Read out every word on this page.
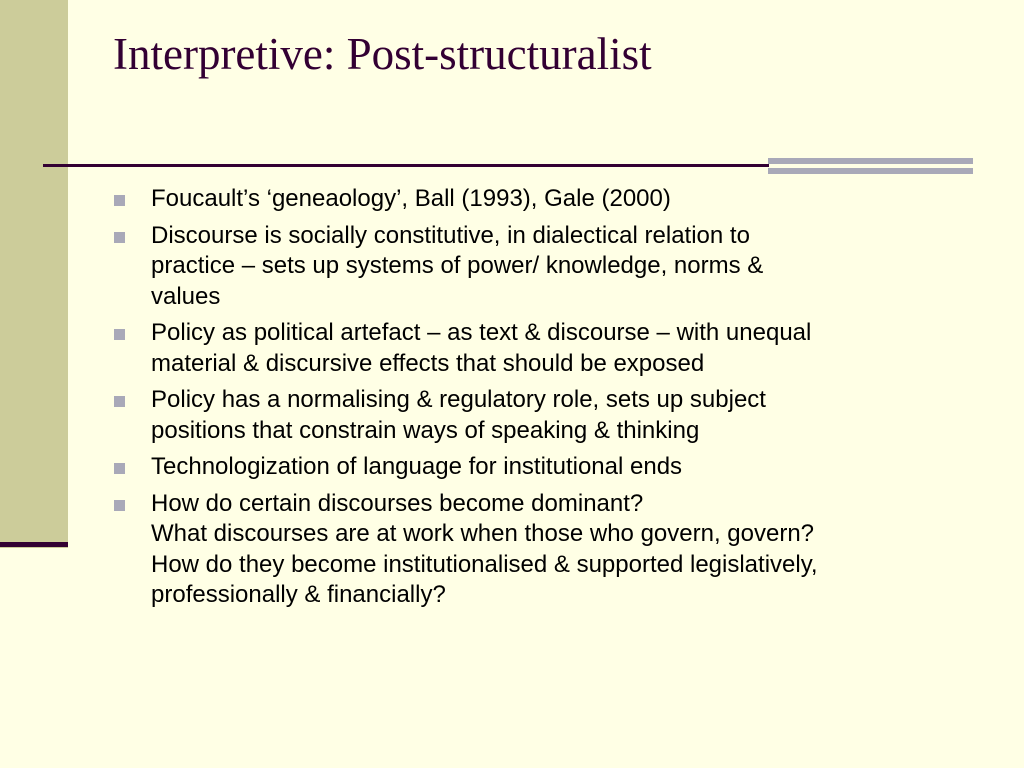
Interpretive: Post-structuralist
Foucault’s ‘geneaology’, Ball (1993), Gale (2000)
Discourse is socially constitutive, in dialectical relation to
practice – sets up systems of power/ knowledge, norms &
values
Policy as political artefact – as text & discourse – with unequal
material & discursive effects that should be exposed
Policy has a normalising & regulatory role, sets up subject
positions that constrain ways of speaking & thinking
Technologization of language for institutional ends
How do certain discourses become dominant?
What discourses are at work when those who govern, govern?
How do they become institutionalised & supported legislatively,
professionally & financially?
